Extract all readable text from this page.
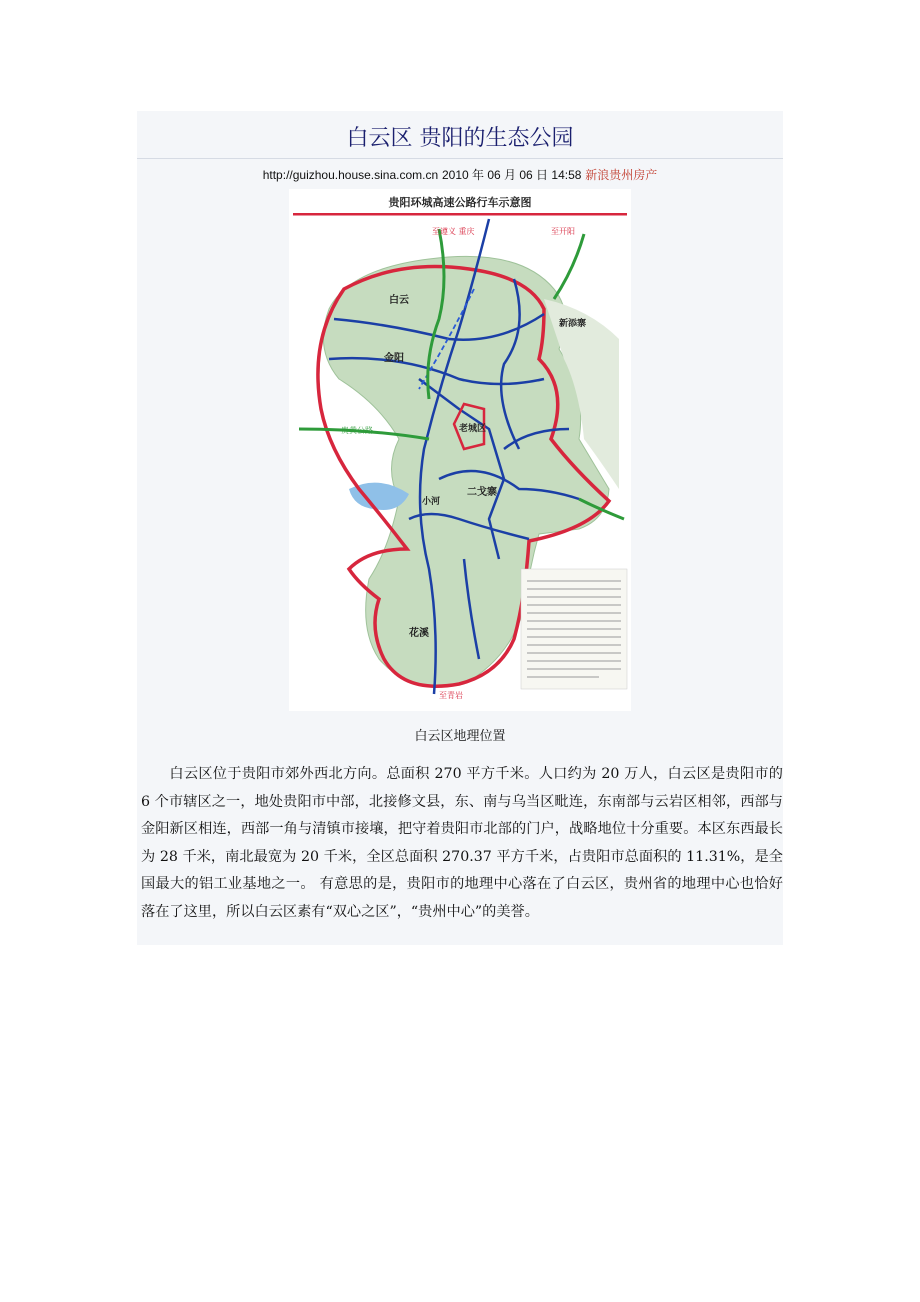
白云区 贵阳的生态公园
http://guizhou.house.sina.com.cn 2010 年 06 月 06 日 14:58 新浪贵州房产
贵阳环城高速公路行车示意图
白云
金阳
新添寨
老城区
二戈寨
小河
花溪
至遵义 重庆	至开阳
至青岩
贵黄公路
白云区地理位置

白云区位于贵阳市郊外西北方向。总面积 270 平方千米。人口约为 20 万人，白云区是贵阳市的 6 个市辖区之一，地处贵阳市中部，北接修文县，东、南与乌当区毗连，东南部与云岩区相邻，西部与金阳新区相连，西部一角与清镇市接壤，把守着贵阳市北部的门户，战略地位十分重要。本区东西最长为 28 千米，南北最宽为 20 千米，全区总面积 270.37 平方千米，占贵阳市总面积的 11.31%，是全国最大的铝工业基地之一。 有意思的是，贵阳市的地理中心落在了白云区，贵州省的地理中心也恰好落在了这里，所以白云区素有“双心之区”，“贵州中心”的美誉。
